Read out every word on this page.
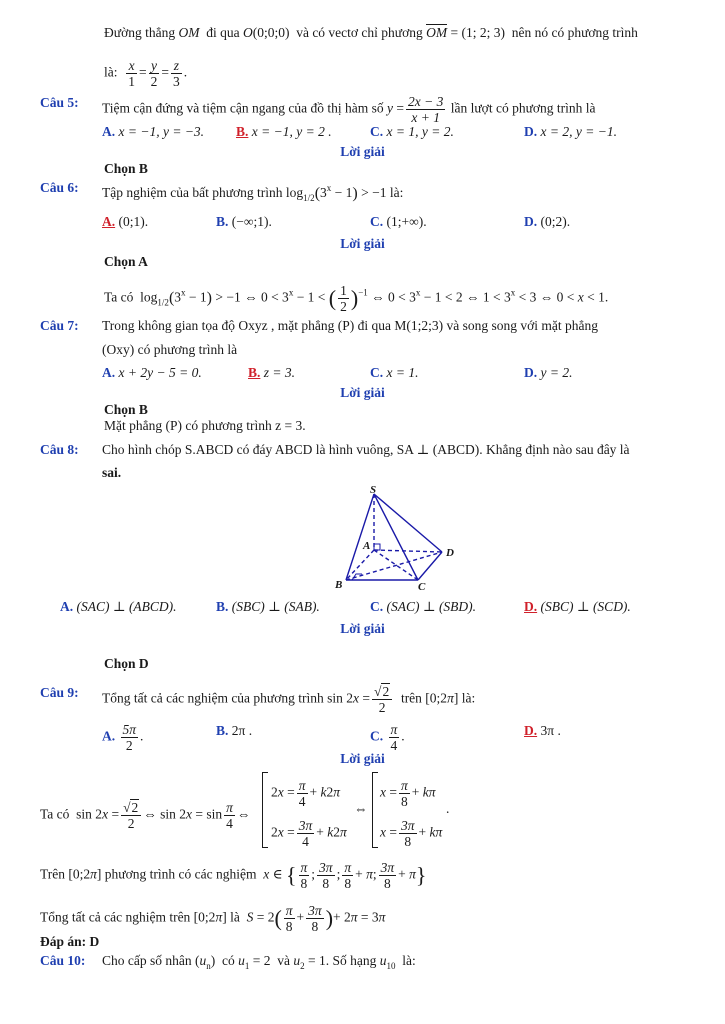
Đường thẳng OM  đi qua O(0;0;0)  và có vectơ chỉ phương OM = (1; 2; 3)  nên nó có phương trình
là: $\frac{x}{1} = \frac{y}{2} = \frac{z}{3}$ .
Câu 5: Tiệm cận đứng và tiệm cận ngang của đồ thị hàm số $y = \frac{2x - 3}{x + 1}$ lần lượt có phương trình là
A. x = −1, y = −3. B. x = −1, y = 2 .	C. x = 1, y = 2.	D. x = 2, y = −1.
Lời giải
Chọn B
Câu 6: Tập nghiệm của bất phương trình $\log_{1/2}(3^x - 1) > -1$ là:
A. (0;1).	B. (−∞;1).	C. (1;+∞).	D. (0;2).
Lời giải
Chọn A
Ta có  $\log_{1/2}(3^x - 1) > -1$ ⇔ $0 < 3^x - 1$ < ( $\frac{1}{2} )^{-1}$ ⇔ $0 < 3^x - 1 < 2$ ⇔ $1 < 3^x < 3$ ⇔ 0 < x < 1.
Câu 7: Trong không gian tọa độ Oxyz , mặt phẳng (P) đi qua M(1;2;3) và song song với mặt phẳng
(Oxy) có phương trình là
A. x + 2y − 5 = 0.	B. z = 3.	C. x = 1.	D. y = 2.
Lời giải
Chọn B
Mặt phẳng (P) có phương trình z = 3.
Câu 8: Cho hình chóp S.ABCD có đáy ABCD là hình vuông, SA ⊥ (ABCD). Khẳng định nào sau đây là
sai.
S
A
B	C
D
A. (SAC) ⊥ (ABCD).	B. (SBC) ⊥ (SAB).	C. (SAC) ⊥ (SBD).	D. (SBC) ⊥ (SCD).
Lời giải
Chọn D
Câu 9: Tổng tất cả các nghiệm của phương trình $\sin 2x = \frac{√2}{2}$ trên [0;2π] là:
A. $\frac{5\pi}{2}$ .	B. 2π .	C. $\frac{\pi}{4}$ .	D. 3π .
Lời giải
Ta có
$\sin 2x = \frac{√2}{2}$ ⇔ $\sin 2x = \sin \frac{\pi}{4}$ ⇔
$2x = \frac{\pi}{4} + k2\pi$
$2x = \frac{3\pi}{4} + k2\pi$
⇔
$x = \frac{\pi}{8} + k\pi$
$x = \frac{3\pi}{8} + k\pi$
.
Trên [0;2π] phương trình có các nghiệm  x ∈ { $\frac{\pi}{8}$ ; $\frac{3\pi}{8}$ ; $\frac{\pi}{8} + \pi$; $\frac{3\pi}{8} + \pi$}
Tổng tất cả các nghiệm trên [0;2π] là  $S = 2( \frac{\pi}{8} + \frac{3\pi}{8}$ )+ 2π = 3π
Đáp án: D
Câu 10: Cho cấp số nhân $(u_n)$  có $u_1 = 2$  và $u_2 = 1$. Số hạng $u_{10}$  là:
